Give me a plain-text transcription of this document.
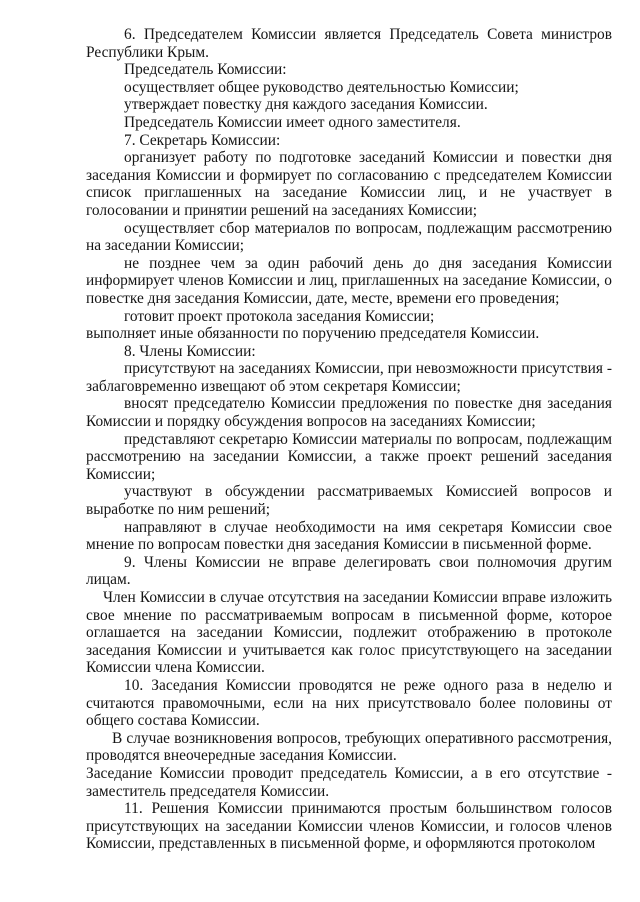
6. Председателем Комиссии является Председатель Совета министров Республики Крым.

Председатель Комиссии:

осуществляет общее руководство деятельностью Комиссии;

утверждает повестку дня каждого заседания Комиссии.

Председатель Комиссии имеет одного заместителя.

7. Секретарь Комиссии:

организует работу по подготовке заседаний Комиссии и повестки дня заседания Комиссии и формирует по согласованию с председателем Комиссии список приглашенных на заседание Комиссии лиц, и не участвует в голосовании и принятии решений на заседаниях Комиссии;

осуществляет сбор материалов по вопросам, подлежащим рассмотрению на заседании Комиссии;

не позднее чем за один рабочий день до дня заседания Комиссии информирует членов Комиссии и лиц, приглашенных на заседание Комиссии, о повестке дня заседания Комиссии, дате, месте, времени его проведения;

готовит проект протокола заседания Комиссии;

выполняет иные обязанности по поручению председателя Комиссии.

8. Члены Комиссии:

присутствуют на заседаниях Комиссии, при невозможности присутствия - заблаговременно извещают об этом секретаря Комиссии;

вносят председателю Комиссии предложения по повестке дня заседания Комиссии и порядку обсуждения вопросов на заседаниях Комиссии;

представляют секретарю Комиссии материалы по вопросам, подлежащим рассмотрению на заседании Комиссии, а также проект решений заседания Комиссии;

участвуют в обсуждении рассматриваемых Комиссией вопросов и выработке по ним решений;

направляют в случае необходимости на имя секретаря Комиссии свое мнение по вопросам повестки дня заседания Комиссии в письменной форме.

9. Члены Комиссии не вправе делегировать свои полномочия другим лицам.

Член Комиссии в случае отсутствия на заседании Комиссии вправе изложить свое мнение по рассматриваемым вопросам в письменной форме, которое оглашается на заседании Комиссии, подлежит отображению в протоколе заседания Комиссии и учитывается как голос присутствующего на заседании Комиссии члена Комиссии.

10. Заседания Комиссии проводятся не реже одного раза в неделю и считаются правомочными, если на них присутствовало более половины от общего состава Комиссии.

В случае возникновения вопросов, требующих оперативного рассмотрения, проводятся внеочередные заседания Комиссии.

Заседание Комиссии проводит председатель Комиссии, а в его отсутствие - заместитель председателя Комиссии.

11. Решения Комиссии принимаются простым большинством голосов присутствующих на заседании Комиссии членов Комиссии, и голосов членов Комиссии, представленных в письменной форме, и оформляются протоколом
